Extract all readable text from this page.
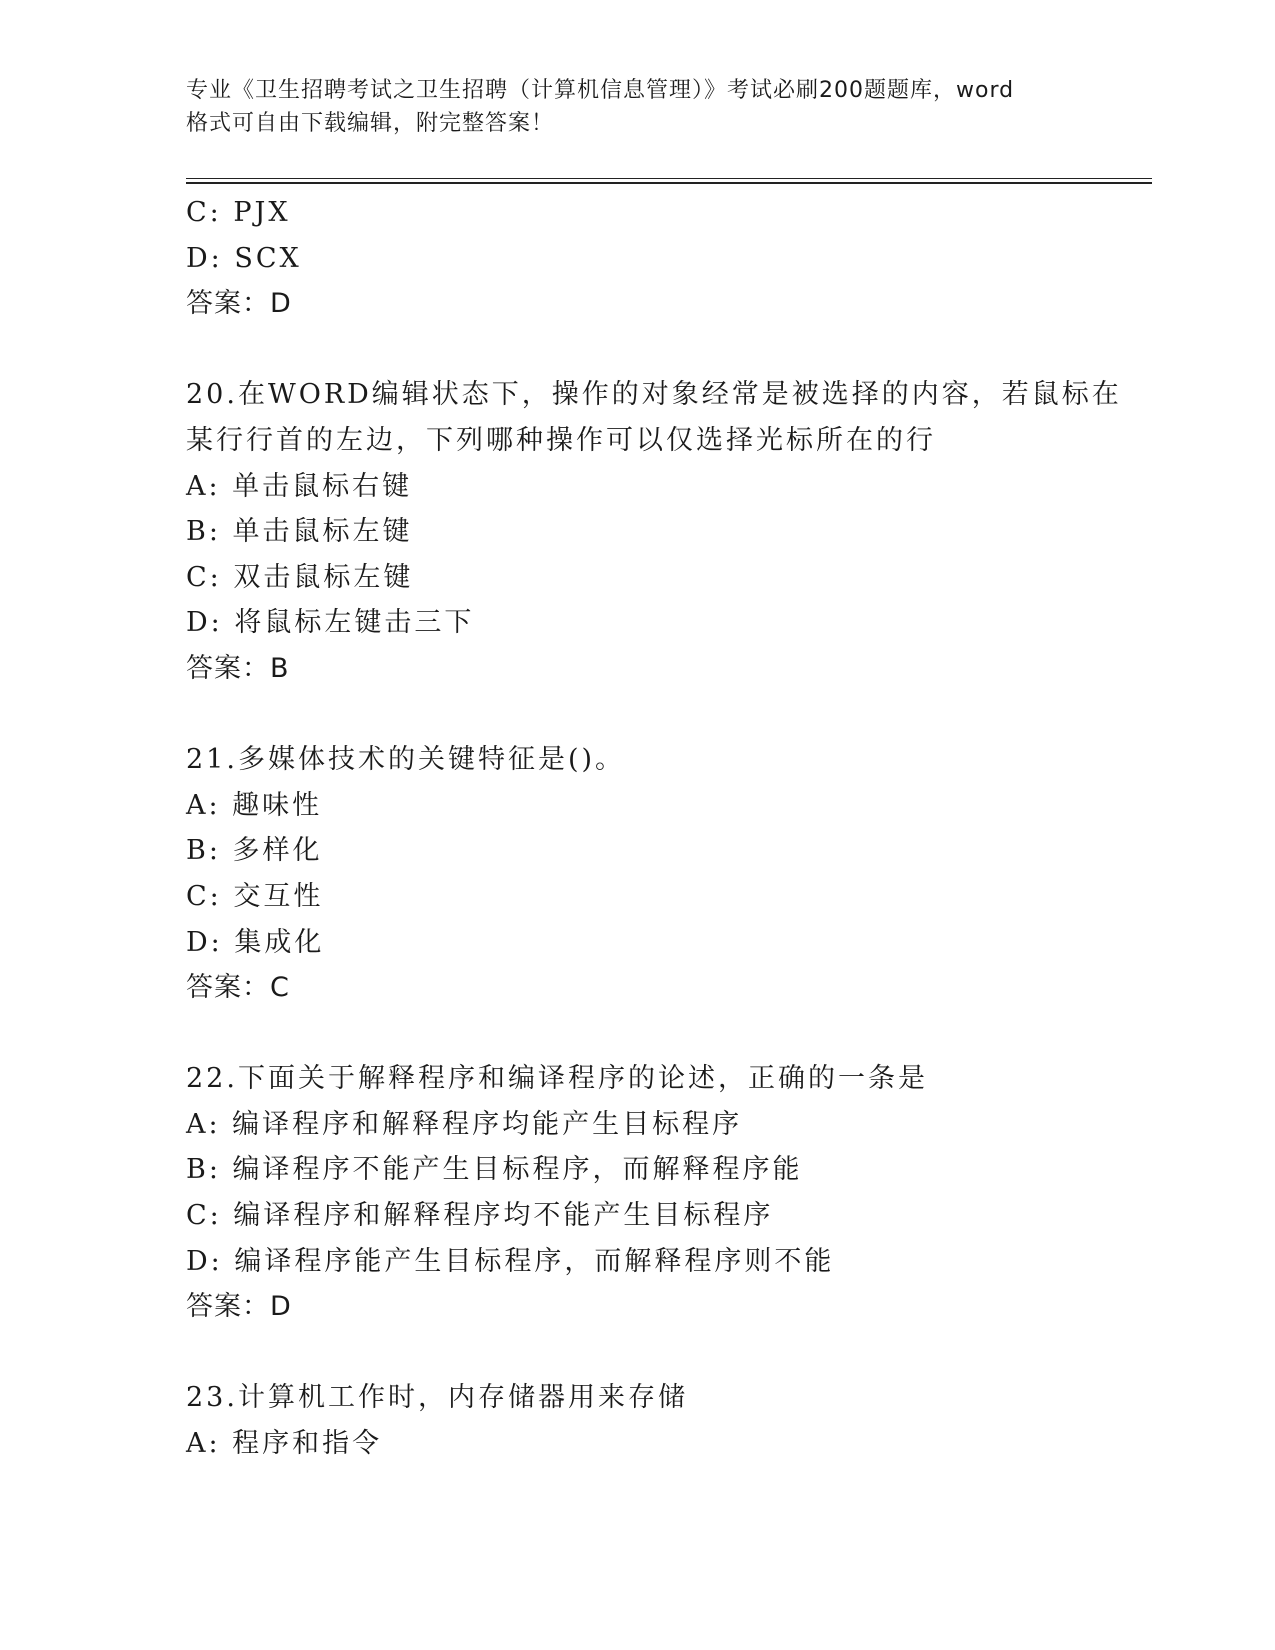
专业《卫生招聘考试之卫生招聘（计算机信息管理）》考试必刷200题题库，word
格式可自由下载编辑，附完整答案！
C: PJX
D: SCX
答案：D
20.在WORD编辑状态下，操作的对象经常是被选择的内容，若鼠标在
某行行首的左边，下列哪种操作可以仅选择光标所在的行
A: 单击鼠标右键
B: 单击鼠标左键
C: 双击鼠标左键
D: 将鼠标左键击三下
答案：B
21.多媒体技术的关键特征是()。
A: 趣味性
B: 多样化
C: 交互性
D: 集成化
答案：C
22.下面关于解释程序和编译程序的论述，正确的一条是
A: 编译程序和解释程序均能产生目标程序
B: 编译程序不能产生目标程序，而解释程序能
C: 编译程序和解释程序均不能产生目标程序
D: 编译程序能产生目标程序，而解释程序则不能
答案：D
23.计算机工作时，内存储器用来存储
A: 程序和指令
